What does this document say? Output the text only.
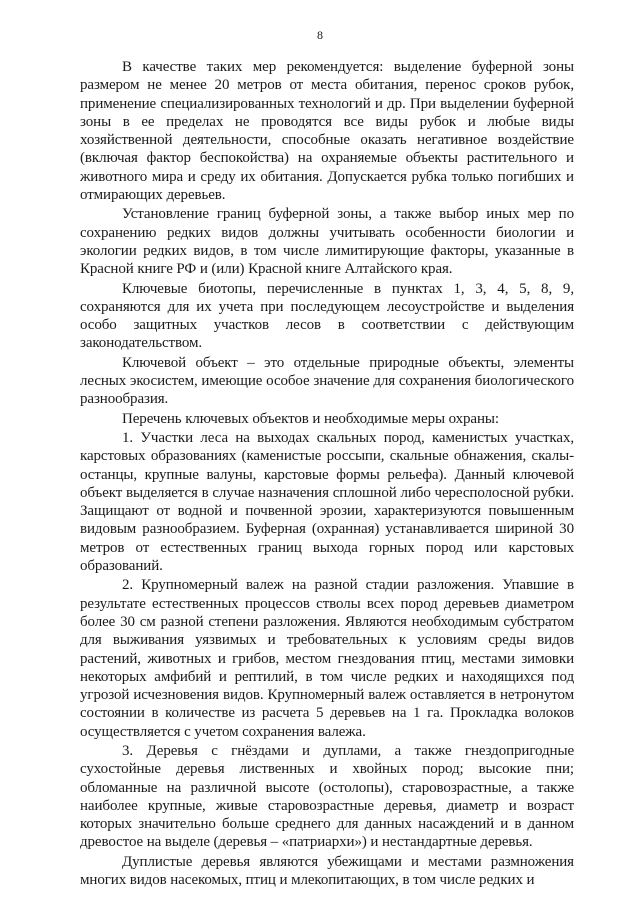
8

В качестве таких мер рекомендуется: выделение буферной зоны размером не менее 20 метров от места обитания, перенос сроков рубок, применение специализированных технологий и др. При выделении буферной зоны в ее пределах не проводятся все виды рубок и любые виды хозяйственной деятельности, способные оказать негативное воздействие (включая фактор беспокойства) на охраняемые объекты растительного и животного мира и среду их обитания. Допускается рубка только погибших и отмирающих деревьев.

Установление границ буферной зоны, а также выбор иных мер по сохранению редких видов должны учитывать особенности биологии и экологии редких видов, в том числе лимитирующие факторы, указанные в Красной книге РФ и (или) Красной книге Алтайского края.

Ключевые биотопы, перечисленные в пунктах 1, 3, 4, 5, 8, 9, сохраняются для их учета при последующем лесоустройстве и выделения особо защитных участков лесов в соответствии с действующим законодательством.

Ключевой объект – это отдельные природные объекты, элементы лесных экосистем, имеющие особое значение для сохранения биологического разнообразия.

Перечень ключевых объектов и необходимые меры охраны:

1. Участки леса на выходах скальных пород, каменистых участках, карстовых образованиях (каменистые россыпи, скальные обнажения, скалы-останцы, крупные валуны, карстовые формы рельефа). Данный ключевой объект выделяется в случае назначения сплошной либо чересполосной рубки. Защищают от водной и почвенной эрозии, характеризуются повышенным видовым разнообразием. Буферная (охранная) устанавливается шириной 30 метров от естественных границ выхода горных пород или карстовых образований.

2. Крупномерный валеж на разной стадии разложения. Упавшие в результате естественных процессов стволы всех пород деревьев диаметром более 30 см разной степени разложения. Являются необходимым субстратом для выживания уязвимых и требовательных к условиям среды видов растений, животных и грибов, местом гнездования птиц, местами зимовки некоторых амфибий и рептилий, в том числе редких и находящихся под угрозой исчезновения видов. Крупномерный валеж оставляется в нетронутом состоянии в количестве из расчета 5 деревьев на 1 га. Прокладка волоков осуществляется с учетом сохранения валежа.

3. Деревья с гнёздами и дуплами, а также гнездопригодные сухостойные деревья лиственных и хвойных пород; высокие пни; обломанные на различной высоте (остолопы), старовозрастные, а также наиболее крупные, живые старовозрастные деревья, диаметр и возраст которых значительно больше среднего для данных насаждений и в данном древостое на выделе (деревья – «патриархи») и нестандартные деревья.

Дуплистые деревья являются убежищами и местами размножения многих видов насекомых, птиц и млекопитающих, в том числе редких и
